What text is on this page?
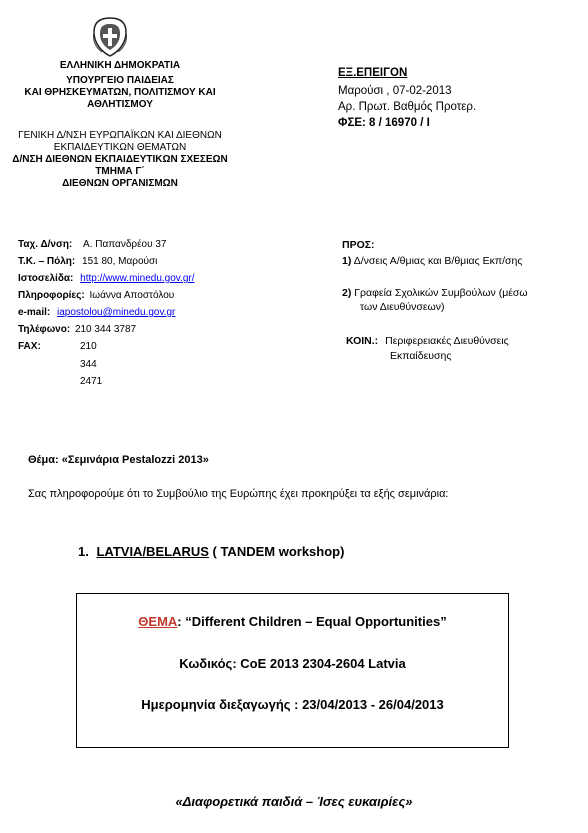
ΕΛΛΗΝΙΚΗ ΔΗΜΟΚΡΑΤΙΑ
ΥΠΟΥΡΓΕΙΟ ΠΑΙΔΕΙΑΣ
ΚΑΙ ΘΡΗΣΚΕΥΜΑΤΩΝ, ΠΟΛΙΤΙΣΜΟΥ ΚΑΙ
ΑΘΛΗΤΙΣΜΟΥ
ΓΕΝΙΚΗ Δ/ΝΣΗ ΕΥΡΩΠΑΪΚΩΝ ΚΑΙ ΔΙΕΘΝΩΝ
ΕΚΠΑΙΔΕΥΤΙΚΩΝ ΘΕΜΑΤΩΝ
Δ/ΝΣΗ ΔΙΕΘΝΩΝ ΕΚΠΑΙΔΕΥΤΙΚΩΝ ΣΧΕΣΕΩΝ
ΤΜΗΜΑ Γ΄
ΔΙΕΘΝΩΝ ΟΡΓΑΝΙΣΜΩΝ
ΕΞ.ΕΠΕΙΓΟΝ
Μαρούσι , 07-02-2013
Αρ. Πρωτ. Βαθμός Προτερ.
ΦΣΕ: 8 / 16970 / Ι
Ταχ. Δ/νση: Α. Παπανδρέου 37
Τ.Κ. – Πόλη: 151 80, Μαρούσι
Ιστοσελίδα: http://www.minedu.gov.gr/
Πληροφορίες: Ιωάννα Αποστόλου
e-mail: iapostolou@minedu.gov.gr
Τηλέφωνο: 210 344 3787
FAX:	210 344 2471
ΠΡΟΣ:
1) Δ/νσεις Α/θμιας και Β/θμιας Εκπ/σης
2) Γραφεία Σχολικών Συμβούλων (μέσω
των Διευθύνσεων)
ΚΟΙΝ.: Περιφερειακές Διευθύνσεις
Εκπαίδευσης
Θέμα: «Σεμινάρια Pestalozzi 2013»
Σας πληροφορούμε ότι το Συμβούλιο της Ευρώπης έχει προκηρύξει τα εξής σεμινάρια:
1. LATVIA/BELARUS ( TANDEM workshop)
ΘΕΜΑ: “Different Children – Equal Opportunities”
Κωδικός: CoE 2013 2304-2604 Latvia
Ημερομηνία διεξαγωγής : 23/04/2013 - 26/04/2013
«Διαφορετικά παιδιά – Ίσες ευκαιρίες»
